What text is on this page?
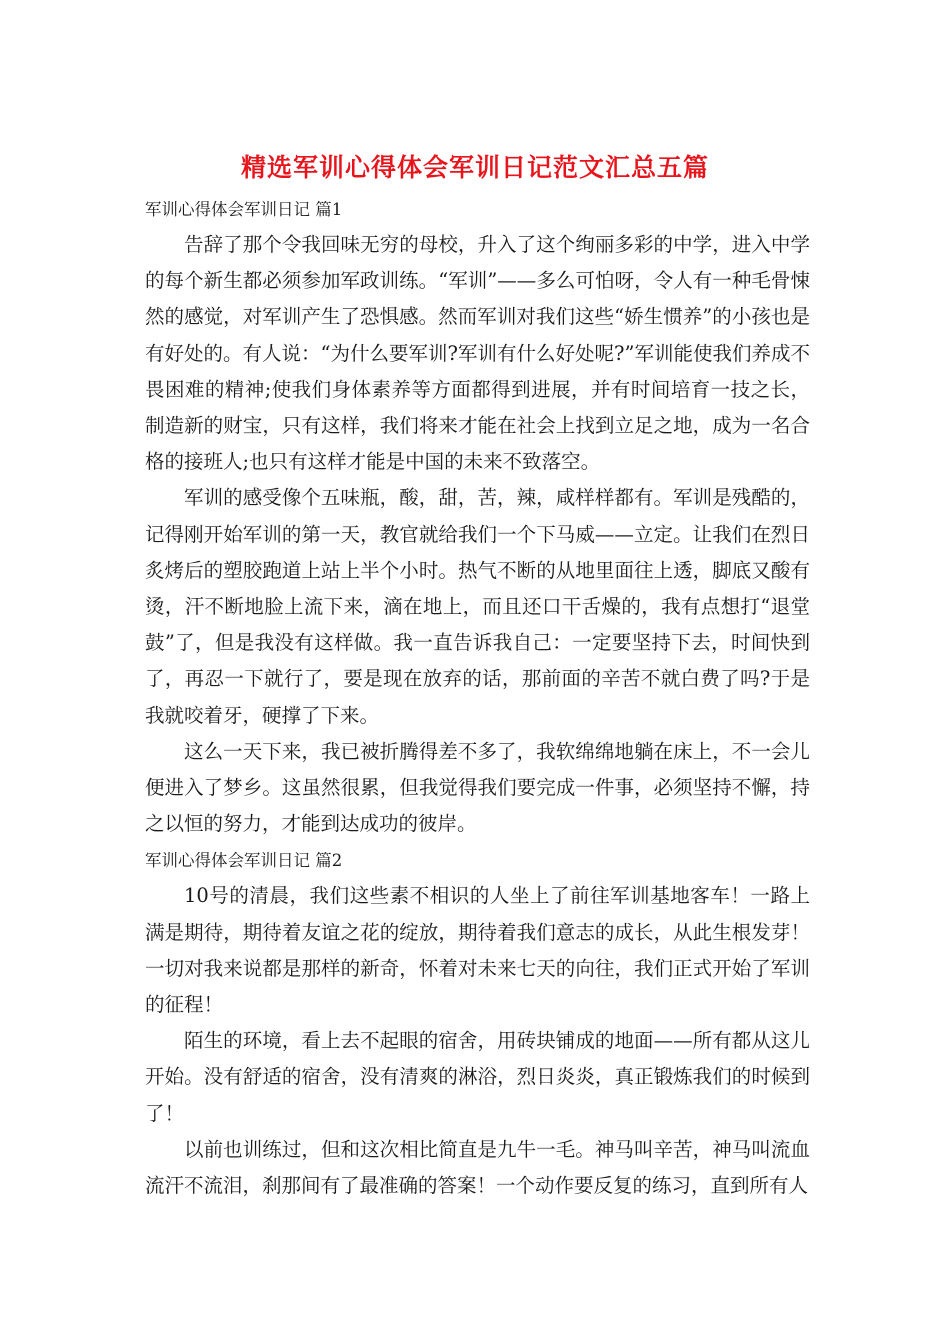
精选军训心得体会军训日记范文汇总五篇

军训心得体会军训日记 篇1

告辞了那个令我回味无穷的母校，升入了这个绚丽多彩的中学，进入中学的每个新生都必须参加军政训练。“军训”——多么可怕呀，令人有一种毛骨悚然的感觉，对军训产生了恐惧感。然而军训对我们这些“娇生惯养”的小孩也是有好处的。有人说：“为什么要军训?军训有什么好处呢?”军训能使我们养成不畏困难的精神;使我们身体素养等方面都得到进展，并有时间培育一技之长，制造新的财宝，只有这样，我们将来才能在社会上找到立足之地，成为一名合格的接班人;也只有这样才能是中国的未来不致落空。

军训的感受像个五味瓶，酸，甜，苦，辣，咸样样都有。军训是残酷的，记得刚开始军训的第一天，教官就给我们一个下马威——立定。让我们在烈日炙烤后的塑胶跑道上站上半个小时。热气不断的从地里面往上透，脚底又酸有烫，汗不断地脸上流下来，滴在地上，而且还口干舌燥的，我有点想打“退堂鼓”了，但是我没有这样做。我一直告诉我自己：一定要坚持下去，时间快到了，再忍一下就行了，要是现在放弃的话，那前面的辛苦不就白费了吗?于是我就咬着牙，硬撑了下来。

这么一天下来，我已被折腾得差不多了，我软绵绵地躺在床上，不一会儿便进入了梦乡。这虽然很累，但我觉得我们要完成一件事，必须坚持不懈，持之以恒的努力，才能到达成功的彼岸。

军训心得体会军训日记 篇2

10号的清晨，我们这些素不相识的人坐上了前往军训基地客车！一路上满是期待，期待着友谊之花的绽放，期待着我们意志的成长，从此生根发芽！一切对我来说都是那样的新奇，怀着对未来七天的向往，我们正式开始了军训的征程！

陌生的环境，看上去不起眼的宿舍，用砖块铺成的地面——所有都从这儿开始。没有舒适的宿舍，没有清爽的淋浴，烈日炎炎，真正锻炼我们的时候到了！

以前也训练过，但和这次相比简直是九牛一毛。神马叫辛苦，神马叫流血流汗不流泪，刹那间有了最准确的答案！一个动作要反复的练习，直到所有人
